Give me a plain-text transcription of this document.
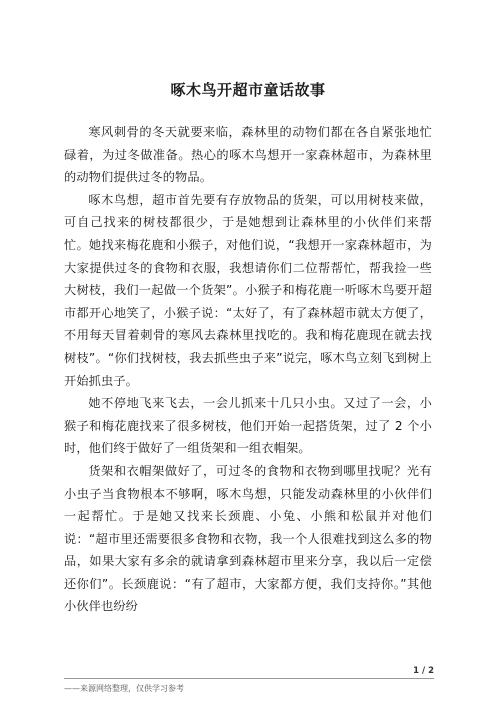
啄木鸟开超市童话故事

寒风刺骨的冬天就要来临，森林里的动物们都在各自紧张地忙碌着，为过冬做准备。热心的啄木鸟想开一家森林超市，为森林里的动物们提供过冬的物品。

啄木鸟想，超市首先要有存放物品的货架，可以用树枝来做，可自己找来的树枝都很少，于是她想到让森林里的小伙伴们来帮忙。她找来梅花鹿和小猴子，对他们说，“我想开一家森林超市，为大家提供过冬的食物和衣服，我想请你们二位帮帮忙，帮我捡一些大树枝，我们一起做一个货架”。小猴子和梅花鹿一听啄木鸟要开超市都开心地笑了，小猴子说：“太好了，有了森林超市就太方便了，不用每天冒着刺骨的寒风去森林里找吃的。我和梅花鹿现在就去找树枝”。“你们找树枝，我去抓些虫子来”说完，啄木鸟立刻飞到树上开始抓虫子。

她不停地飞来飞去，一会儿抓来十几只小虫。又过了一会，小猴子和梅花鹿找来了很多树枝，他们开始一起搭货架，过了 2 个小时，他们终于做好了一组货架和一组衣帽架。

货架和衣帽架做好了，可过冬的食物和衣物到哪里找呢？光有小虫子当食物根本不够啊，啄木鸟想，只能发动森林里的小伙伴们一起帮忙。于是她又找来长颈鹿、小兔、小熊和松鼠并对他们说：“超市里还需要很多食物和衣物，我一个人很难找到这么多的物品，如果大家有多余的就请拿到森林超市里来分享，我以后一定偿还你们”。长颈鹿说：“有了超市，大家都方便，我们支持你。”其他小伙伴也纷纷

1 / 2
——来源网络整理，仅供学习参考
